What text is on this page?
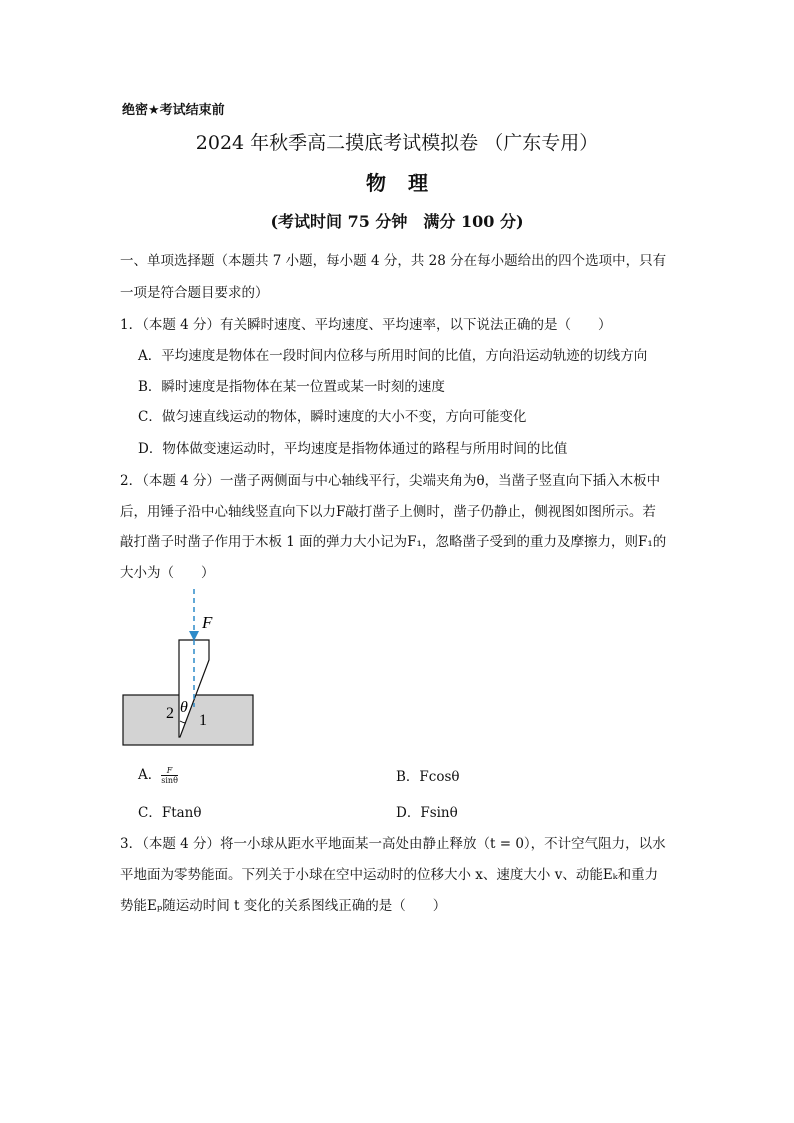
绝密★考试结束前
2024 年秋季高二摸底考试模拟卷 （广东专用）
物理
(考试时间 75 分钟　满分 100 分)
一、单项选择题（本题共 7 小题，每小题 4 分，共 28 分在每小题给出的四个选项中，只有
一项是符合题目要求的）
1．（本题 4 分）有关瞬时速度、平均速度、平均速率，以下说法正确的是（　　）
A．平均速度是物体在一段时间内位移与所用时间的比值，方向沿运动轨迹的切线方向
B．瞬时速度是指物体在某一位置或某一时刻的速度
C．做匀速直线运动的物体，瞬时速度的大小不变，方向可能变化
D．物体做变速运动时，平均速度是指物体通过的路程与所用时间的比值
2．（本题 4 分）一凿子两侧面与中心轴线平行，尖端夹角为θ，当凿子竖直向下插入木板中
后，用锤子沿中心轴线竖直向下以力F敲打凿子上侧时，凿子仍静止，侧视图如图所示。若
敲打凿子时凿子作用于木板 1 面的弹力大小记为F₁，忽略凿子受到的重力及摩擦力，则F₁的
大小为（　　）
F
2 θ
1
A． $\frac{F}{\sin\theta}$	B．Fcosθ
C．Ftanθ	D．Fsinθ
3．（本题 4 分）将一小球从距水平地面某一高处由静止释放（t = 0），不计空气阻力，以水
平地面为零势能面。下列关于小球在空中运动时的位移大小 x、速度大小 v、动能Eₖ和重力
势能Eₚ随运动时间 t 变化的关系图线正确的是（　　）
